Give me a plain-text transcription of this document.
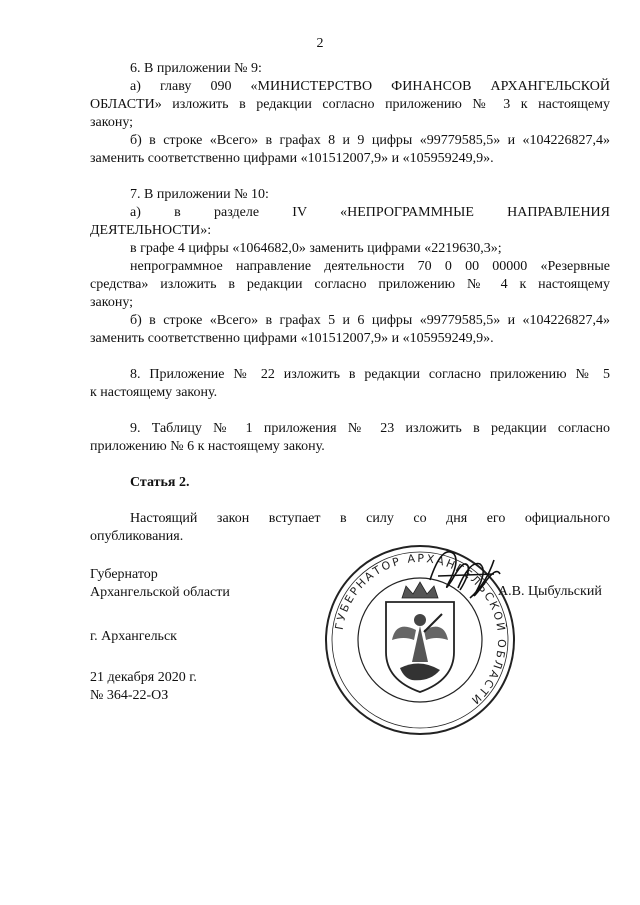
2
6. В приложении № 9:
а) главу 090 «МИНИСТЕРСТВО ФИНАНСОВ АРХАНГЕЛЬСКОЙ
ОБЛАСТИ» изложить в редакции согласно приложению № 3 к настоящему
закону;
б) в строке «Всего» в графах 8 и 9 цифры «99779585,5» и «104226827,4»
заменить соответственно цифрами «101512007,9» и «105959249,9».
7. В приложении № 10:
а) в разделе IV «НЕПРОГРАММНЫЕ НАПРАВЛЕНИЯ
ДЕЯТЕЛЬНОСТИ»:
в графе 4 цифры «1064682,0» заменить цифрами «2219630,3»;
непрограммное направление деятельности 70 0 00 00000 «Резервные
средства» изложить в редакции согласно приложению № 4 к настоящему
закону;
б) в строке «Всего» в графах 5 и 6 цифры «99779585,5» и «104226827,4»
заменить соответственно цифрами «101512007,9» и «105959249,9».
8. Приложение № 22 изложить в редакции согласно приложению № 5
к настоящему закону.
9. Таблицу № 1 приложения № 23 изложить в редакции согласно
приложению № 6 к настоящему закону.
Статья 2.
Настоящий закон вступает в силу со дня его официального
опубликования.
ГУБЕРНАТОР АРХАНГЕЛЬСКОЙ ОБЛАСТИ
Губернатор
Архангельской области	А.В. Цыбульский
г. Архангельск
21 декабря 2020 г.
№ 364-22-ОЗ
